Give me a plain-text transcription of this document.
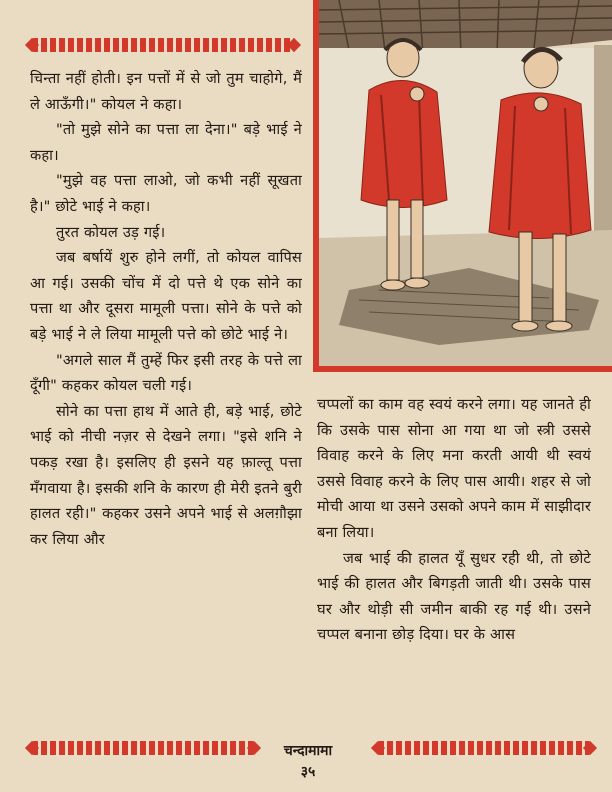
चिन्ता नहीं होती। इन पत्तों में से जो तुम चाहोगे, मैं ले आऊँगी।" कोयल ने कहा।

"तो मुझे सोने का पत्ता ला देना।" बड़े भाई ने कहा।

"मुझे वह पत्ता लाओ, जो कभी नहीं सूखता है।" छोटे भाई ने कहा।

तुरत कोयल उड़ गई।

जब बर्षायें शुरु होने लगीं, तो कोयल वापिस आ गई। उसकी चोंच में दो पत्ते थे एक सोने का पत्ता था और दूसरा मामूली पत्ता। सोने के पत्ते को बड़े भाई ने ले लिया मामूली पत्ते को छोटे भाई ने।

"अगले साल मैं तुम्हें फिर इसी तरह के पत्ते ला दूँगी" कहकर कोयल चली गई।

सोने का पत्ता हाथ में आते ही, बड़े भाई, छोटे भाई को नीची नज़र से देखने लगा। "इसे शनि ने पकड़ रखा है। इसलिए ही इसने यह फ़ाल्तू पत्ता मँगवाया है। इसकी शनि के कारण ही मेरी इतने बुरी हालत रही।" कहकर उसने अपने भाई से अलग़ौझा कर लिया और

चप्पलों का काम वह स्वयं करने लगा। यह जानते ही कि उसके पास सोना आ गया था जो स्त्री उससे विवाह करने के लिए मना करती आयी थी स्वयं उससे विवाह करने के लिए पास आयी। शहर से जो मोची आया था उसने उसको अपने काम में साझीदार बना लिया।

जब भाई की हालत यूँ सुधर रही थी, तो छोटे भाई की हालत और बिगड़ती जाती थी। उसके पास घर और थोड़ी सी जमीन बाकी रह गई थी। उसने चप्पल बनाना छोड़ दिया। घर के आस

चन्दामामा
३५
